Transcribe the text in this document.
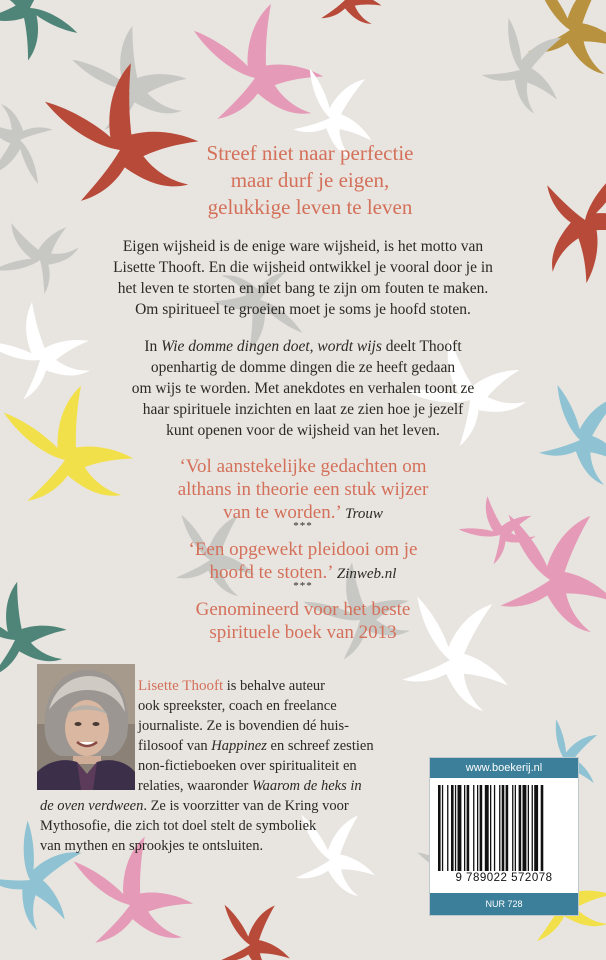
Streef niet naar perfectie
maar durf je eigen,
gelukkige leven te leven
Eigen wijsheid is de enige ware wijsheid, is het motto van
Lisette Thooft. En die wijsheid ontwikkel je vooral door je in
het leven te storten en niet bang te zijn om fouten te maken.
Om spiritueel te groeien moet je soms je hoofd stoten.
In Wie domme dingen doet, wordt wijs deelt Thooft
openhartig de domme dingen die ze heeft gedaan
om wijs te worden. Met anekdotes en verhalen toont ze
haar spirituele inzichten en laat ze zien hoe je jezelf
kunt openen voor de wijsheid van het leven.
‘Vol aanstekelijke gedachten om
althans in theorie een stuk wijzer
van te worden.’ Trouw
***
‘Een opgewekt pleidooi om je
hoofd te stoten.’ Zinweb.nl
***
Genomineerd voor het beste
spirituele boek van 2013
Lisette Thooft is behalve auteur
ook spreekster, coach en freelance
journaliste. Ze is bovendien dé huis-
filosoof van Happinez en schreef zestien
non-fictieboeken over spiritualiteit en
relaties, waaronder Waarom de heks in
de oven verdween. Ze is voorzitter van de Kring voor
Mythosofie, die zich tot doel stelt de symboliek
van mythen en sprookjes te ontsluiten.
www.boekerij.nl
9 789022 572078
NUR 728
